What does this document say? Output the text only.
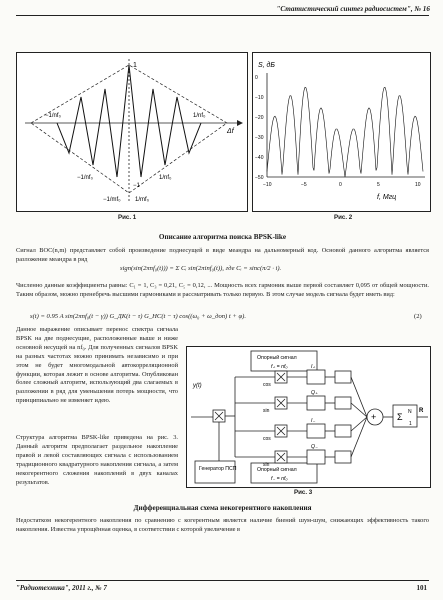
"Статистический синтез радиосистем", № 16
1
Δf
−1/nf₀	1/nf₀
−1/mf₀ 1/mf₀
−1
−1/nf₀	1/nf₀
Рис. 1
S, дБ
0
−10
−20
−30
−40
−50
−10	−5	0	5	10
f, Мгц
Рис. 2
Описание алгоритма поиска BPSK-like
Сигнал BOC(n,m) представляет собой произведение поднесущей в виде меандра на дальномерный код. Основой данного алгоритма является разложение меандра в ряд
sign(sin(2πnf₀(t))) = Σ Cᵢ sin(2πinf₀(t)), где Cᵢ = sinc(π/2 · i).
Численно данные коэффициенты равны: C₁ = 1, C₃ = 0,21, C₅ = 0,12, ... Мощность всех гармоник выше первой составляет 0,095 от общей мощности. Таким образом, можно пренебречь высшими гармониками и рассматривать только первую. В этом случае модель сигнала будет иметь вид:
s(t) = 0.95 A sin(2πnf₀(t − γ)) G_ДК(t − τ) G_НС(t − τ) cos((ω₀ + ω_доп) t + φ).	(2)
Данное выражение описывает перенос спектра сигнала BPSK на две поднесущие, расположенные выше и ниже основной несущей на nf₀. Для полученных сигналов BPSK на разных частотах можно принимать независимо и при этом не будет многомодальной автокорреляционной функции, которая лежит в основе алгоритма. Опубликован более сложный алгоритм, использующий два слагаемых в разложении в ряд для уменьшения потерь мощности, что принципиально не изменяет идею.
Структура алгоритма BPSK-like приведена на рис. 3. Данный алгоритм предполагает раздельное накопление правой и левой составляющих сигнала с использованием традиционного квадратурного накопления сигнала, а затем некогерентного сложения накоплений в двух каналах результатов.
Опорный сигнал
f₊ = nf₀
Опорный сигнал
f₋ = nf₀
Генератор ПСП
y(t)
I₊
cos
Q₊
sin
I₋
cos
Q₋
sin
+ Σ N
1
R
Рис. 3
Дифференциальная схема некогерентного накопления
Недостатком некогерентного накопления по сравнению с когерентным является наличие биений шум-шум, снижающих эффективность такого накопления. Известна упрощённая оценка, в соответствии с которой увеличение в
"Радиотехника", 2011 г., № 7	101
